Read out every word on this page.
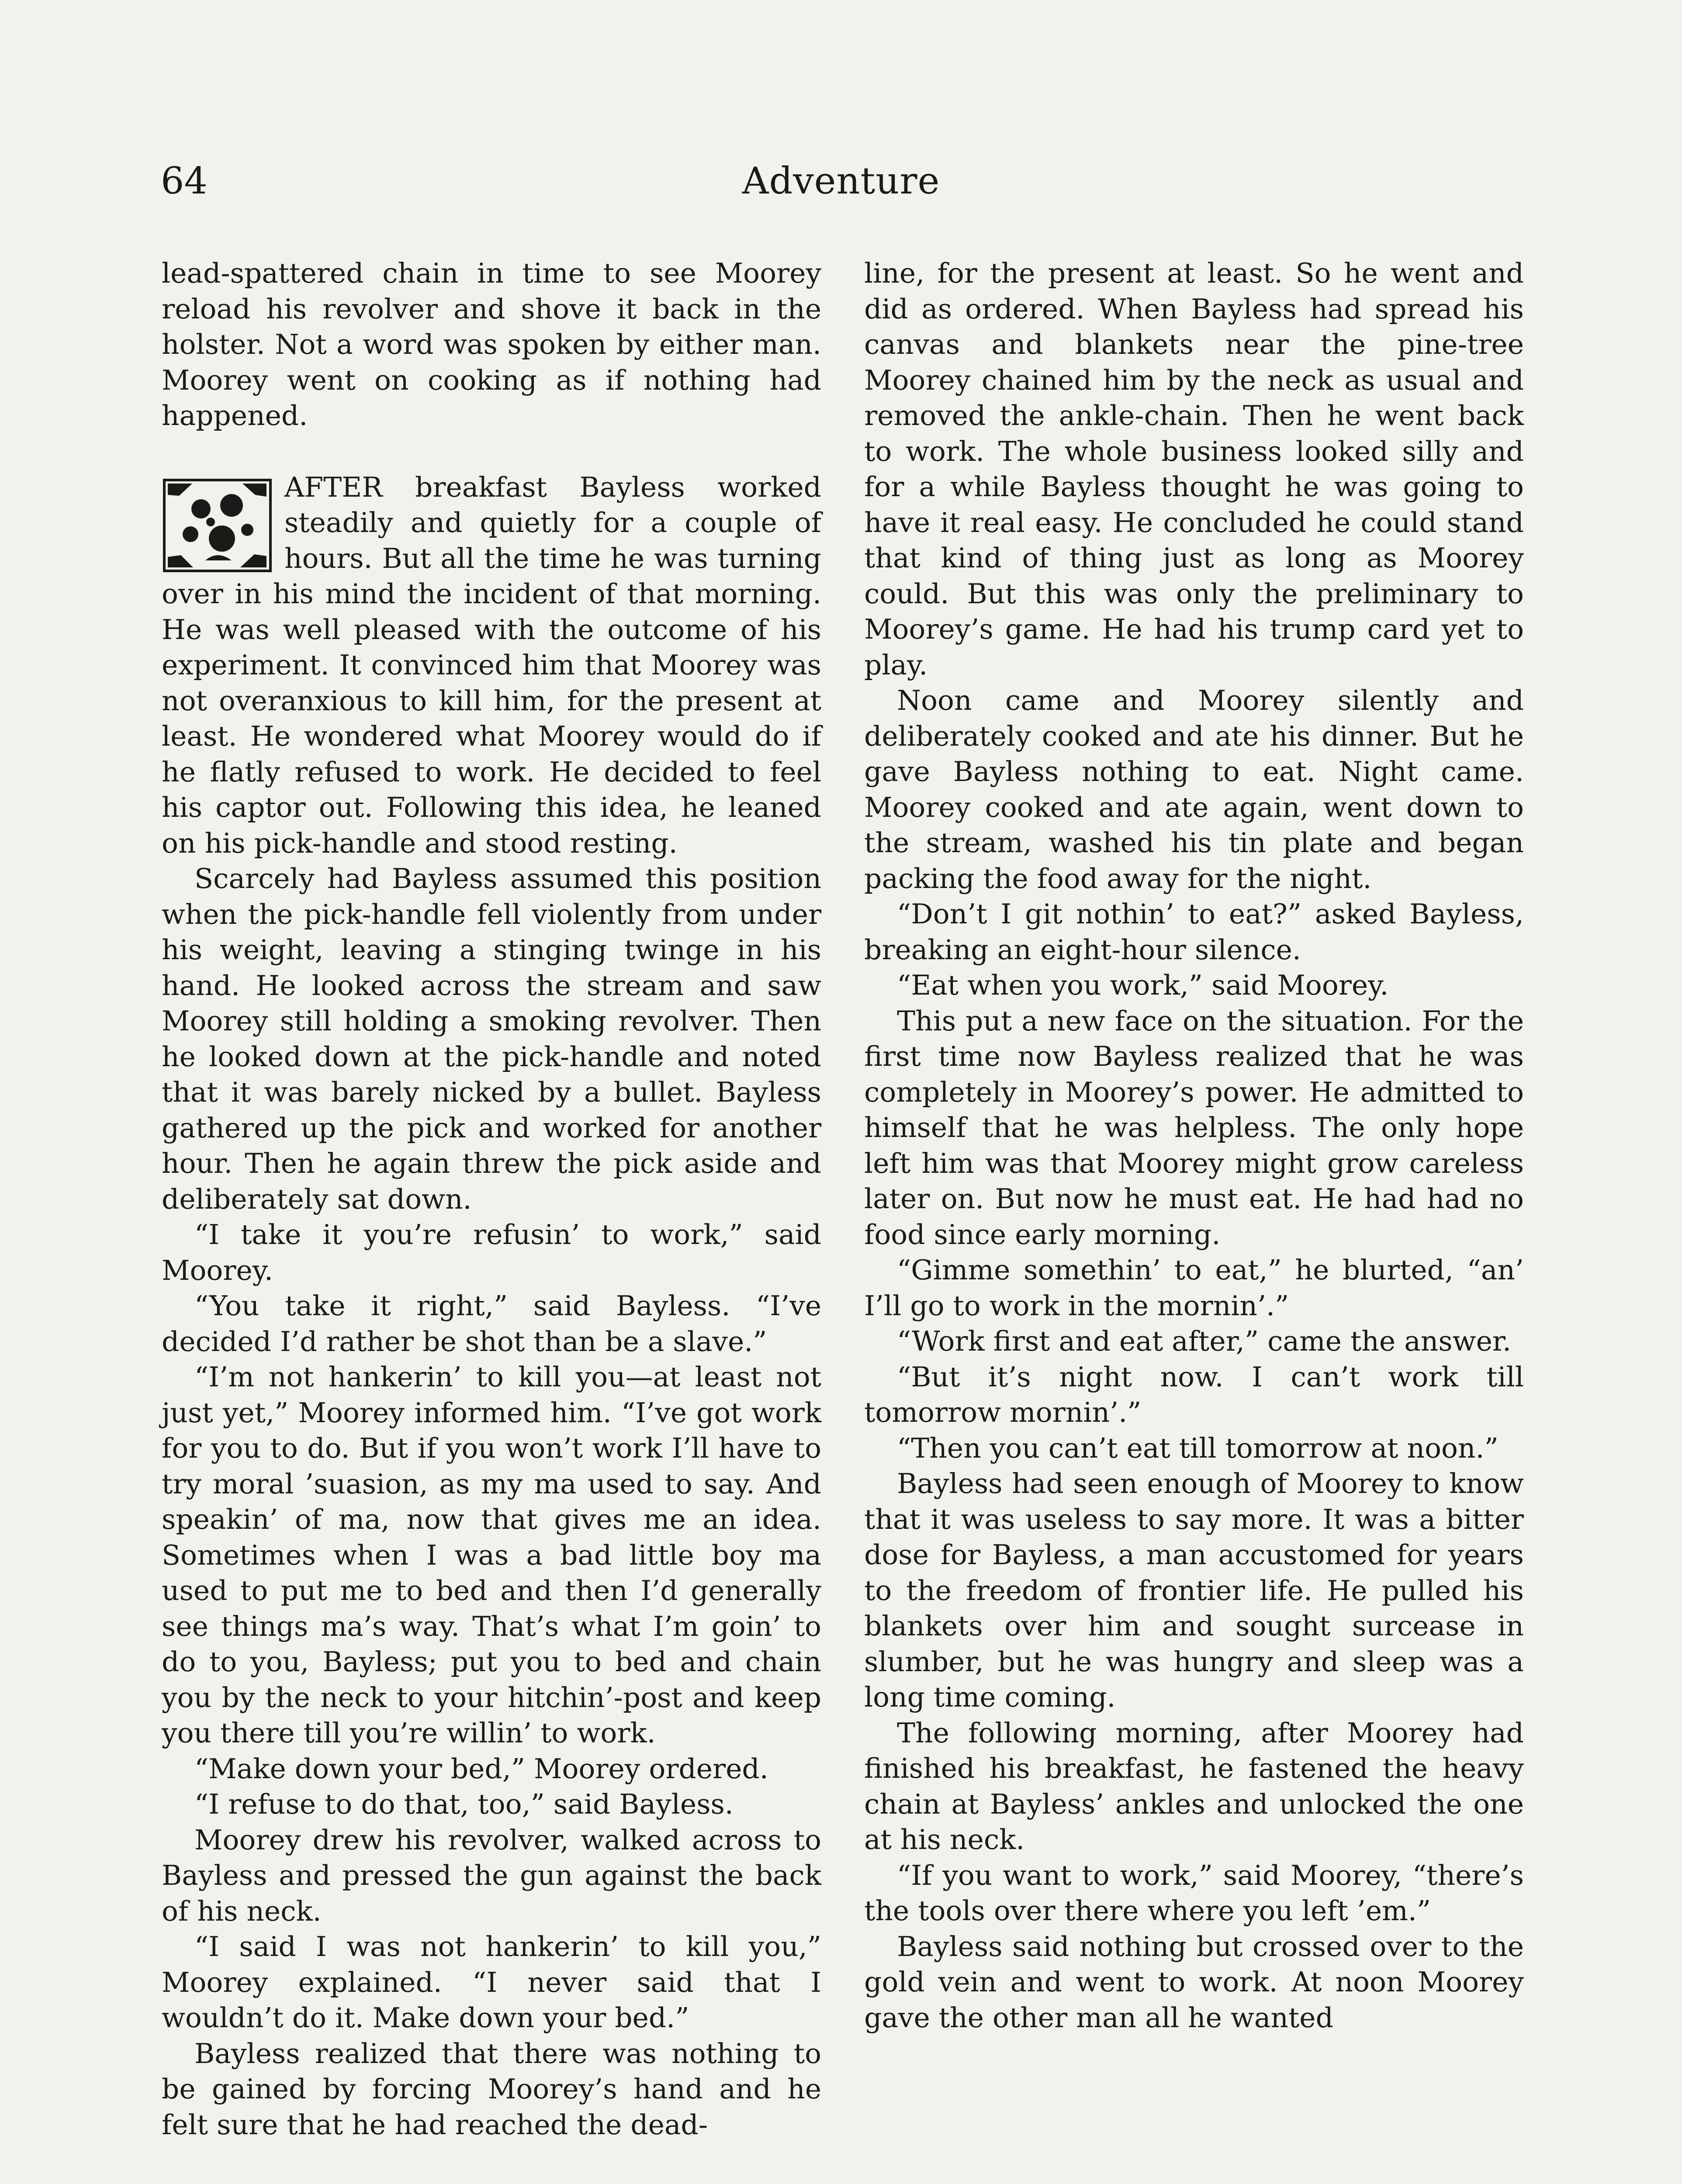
64	Adventure

lead-spattered chain in time to see Moorey reload his revolver and shove it back in the holster. Not a word was spoken by either man. Moorey went on cooking as if nothing had happened.

AFTER breakfast Bayless worked steadily and quietly for a couple of hours. But all the time he was turning over in his mind the incident of that morning. He was well pleased with the outcome of his experiment. It convinced him that Moorey was not overanxious to kill him, for the present at least. He wondered what Moorey would do if he flatly refused to work. He decided to feel his captor out. Following this idea, he leaned on his pick-handle and stood resting.

Scarcely had Bayless assumed this position when the pick-handle fell violently from under his weight, leaving a stinging twinge in his hand. He looked across the stream and saw Moorey still holding a smoking revolver. Then he looked down at the pick-handle and noted that it was barely nicked by a bullet. Bayless gathered up the pick and worked for another hour. Then he again threw the pick aside and deliberately sat down.

“I take it you’re refusin’ to work,” said Moorey.

“You take it right,” said Bayless. “I’ve decided I’d rather be shot than be a slave.”

“I’m not hankerin’ to kill you—at least not just yet,” Moorey informed him. “I’ve got work for you to do. But if you won’t work I’ll have to try moral ’suasion, as my ma used to say. And speakin’ of ma, now that gives me an idea. Sometimes when I was a bad little boy ma used to put me to bed and then I’d generally see things ma’s way. That’s what I’m goin’ to do to you, Bayless; put you to bed and chain you by the neck to your hitchin’-post and keep you there till you’re willin’ to work.

“Make down your bed,” Moorey ordered.

“I refuse to do that, too,” said Bayless.

Moorey drew his revolver, walked across to Bayless and pressed the gun against the back of his neck.

“I said I was not hankerin’ to kill you,” Moorey explained. “I never said that I wouldn’t do it. Make down your bed.”

Bayless realized that there was nothing to be gained by forcing Moorey’s hand and he felt sure that he had reached the dead-

line, for the present at least. So he went and did as ordered. When Bayless had spread his canvas and blankets near the pine-tree Moorey chained him by the neck as usual and removed the ankle-chain. Then he went back to work. The whole business looked silly and for a while Bayless thought he was going to have it real easy. He concluded he could stand that kind of thing just as long as Moorey could. But this was only the preliminary to Moorey’s game. He had his trump card yet to play.

Noon came and Moorey silently and deliberately cooked and ate his dinner. But he gave Bayless nothing to eat. Night came. Moorey cooked and ate again, went down to the stream, washed his tin plate and began packing the food away for the night.

“Don’t I git nothin’ to eat?” asked Bayless, breaking an eight-hour silence.

“Eat when you work,” said Moorey.

This put a new face on the situation. For the first time now Bayless realized that he was completely in Moorey’s power. He admitted to himself that he was helpless. The only hope left him was that Moorey might grow careless later on. But now he must eat. He had had no food since early morning.

“Gimme somethin’ to eat,” he blurted, “an’ I’ll go to work in the mornin’.”

“Work first and eat after,” came the answer.

“But it’s night now. I can’t work till tomorrow mornin’.”

“Then you can’t eat till tomorrow at noon.”

Bayless had seen enough of Moorey to know that it was useless to say more. It was a bitter dose for Bayless, a man accustomed for years to the freedom of frontier life. He pulled his blankets over him and sought surcease in slumber, but he was hungry and sleep was a long time coming.

The following morning, after Moorey had finished his breakfast, he fastened the heavy chain at Bayless’ ankles and unlocked the one at his neck.

“If you want to work,” said Moorey, “there’s the tools over there where you left ’em.”

Bayless said nothing but crossed over to the gold vein and went to work. At noon Moorey gave the other man all he wanted
